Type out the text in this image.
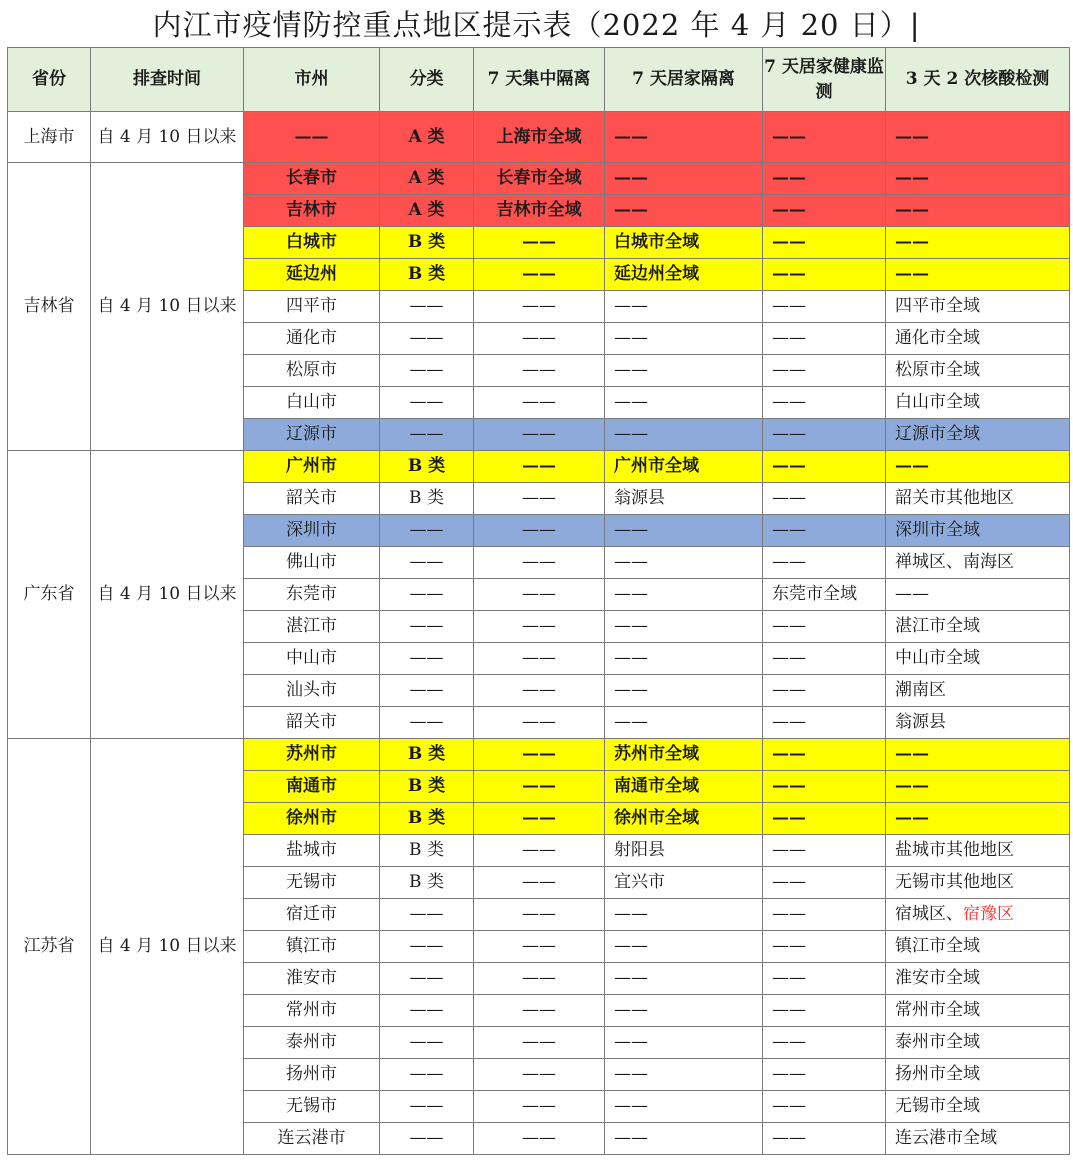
内江市疫情防控重点地区提示表（2022 年 4 月 20 日）|
省份	排查时间	市州	分类	7 天集中隔离	7 天居家隔离	7 天居家健康监测	3 天 2 次核酸检测
上海市	自 4 月 10 日以来	——	A 类	上海市全域	——	——	——
吉林省	自 4 月 10 日以来	长春市	A 类	长春市全域	——	——	——
		吉林市	A 类	吉林市全域	——	——	——
		白城市	B 类	——	白城市全域	——	——
		延边州	B 类	——	延边州全域	——	——
		四平市	——	——	——	——	四平市全域
		通化市	——	——	——	——	通化市全域
		松原市	——	——	——	——	松原市全域
		白山市	——	——	——	——	白山市全域
		辽源市	——	——	——	——	辽源市全域
广东省	自 4 月 10 日以来	广州市	B 类	——	广州市全域	——	——
		韶关市	B 类	——	翁源县	——	韶关市其他地区
		深圳市	——	——	——	——	深圳市全域
		佛山市	——	——	——	——	禅城区、南海区
		东莞市	——	——	——	东莞市全域	——
		湛江市	——	——	——	——	湛江市全域
		中山市	——	——	——	——	中山市全域
		汕头市	——	——	——	——	潮南区
		韶关市	——	——	——	——	翁源县
江苏省	自 4 月 10 日以来	苏州市	B 类	——	苏州市全域	——	——
		南通市	B 类	——	南通市全域	——	——
		徐州市	B 类	——	徐州市全域	——	——
		盐城市	B 类	——	射阳县	——	盐城市其他地区
		无锡市	B 类	——	宜兴市	——	无锡市其他地区
		宿迁市	——	——	——	——	宿城区、宿豫区
		镇江市	——	——	——	——	镇江市全域
		淮安市	——	——	——	——	淮安市全域
		常州市	——	——	——	——	常州市全域
		泰州市	——	——	——	——	泰州市全域
		扬州市	——	——	——	——	扬州市全域
		无锡市	——	——	——	——	无锡市全域
		连云港市	——	——	——	——	连云港市全域
